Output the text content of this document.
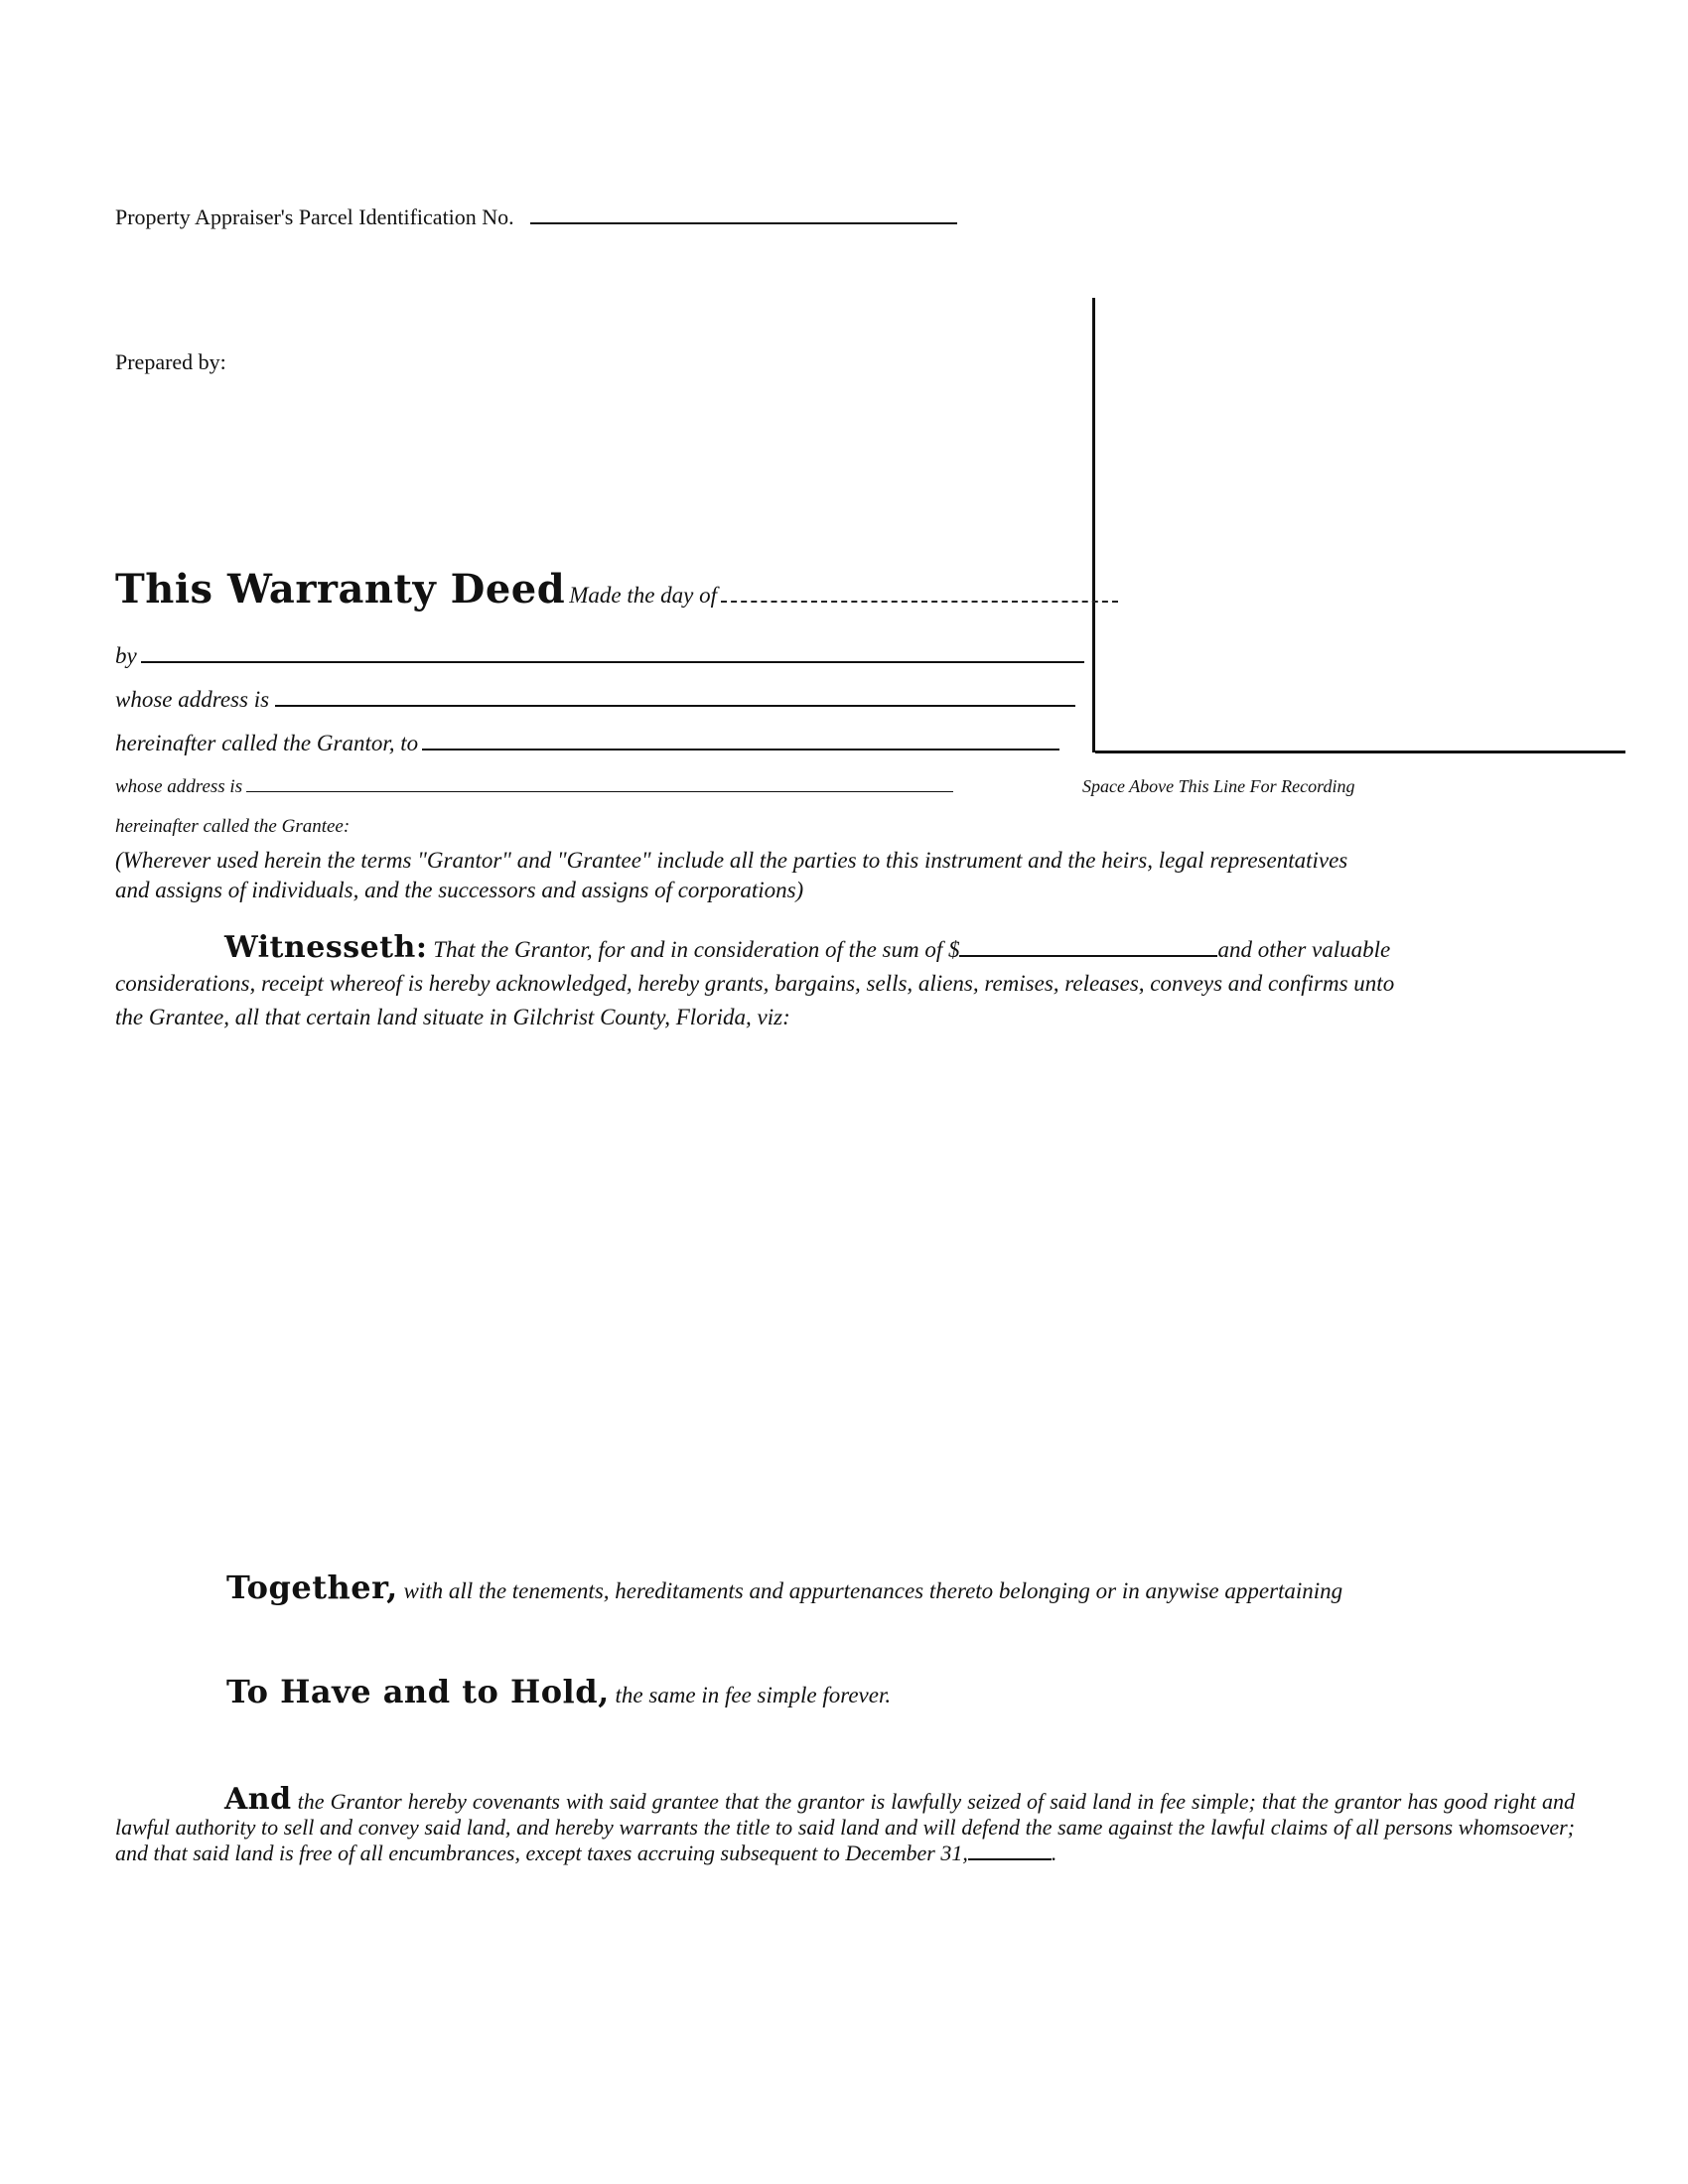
Property Appraiser's Parcel Identification No.
Prepared by:
Space Above This Line For Recording
This Warranty Deed Made the day of
by
whose address is
hereinafter called the Grantor, to
whose address is
hereinafter called the Grantee:
(Wherever used herein the terms "Grantor" and "Grantee" include all the parties to this instrument and the heirs, legal representatives and assigns of individuals, and the successors and assigns of corporations)
Witnesseth: That the Grantor, for and in consideration of the sum of $	and other valuable considerations, receipt whereof is hereby acknowledged, hereby grants, bargains, sells, aliens, remises, releases, conveys and confirms unto the Grantee, all that certain land situate in Gilchrist County, Florida, viz:
Together, with all the tenements, hereditaments and appurtenances thereto belonging or in anywise appertaining
To Have and to Hold, the same in fee simple forever.
And the Grantor hereby covenants with said grantee that the grantor is lawfully seized of said land in fee simple; that the grantor has good right and lawful authority to sell and convey said land, and hereby warrants the title to said land and will defend the same against the lawful claims of all persons whomsoever; and that said land is free of all encumbrances, except taxes accruing subsequent to December 31,	.
